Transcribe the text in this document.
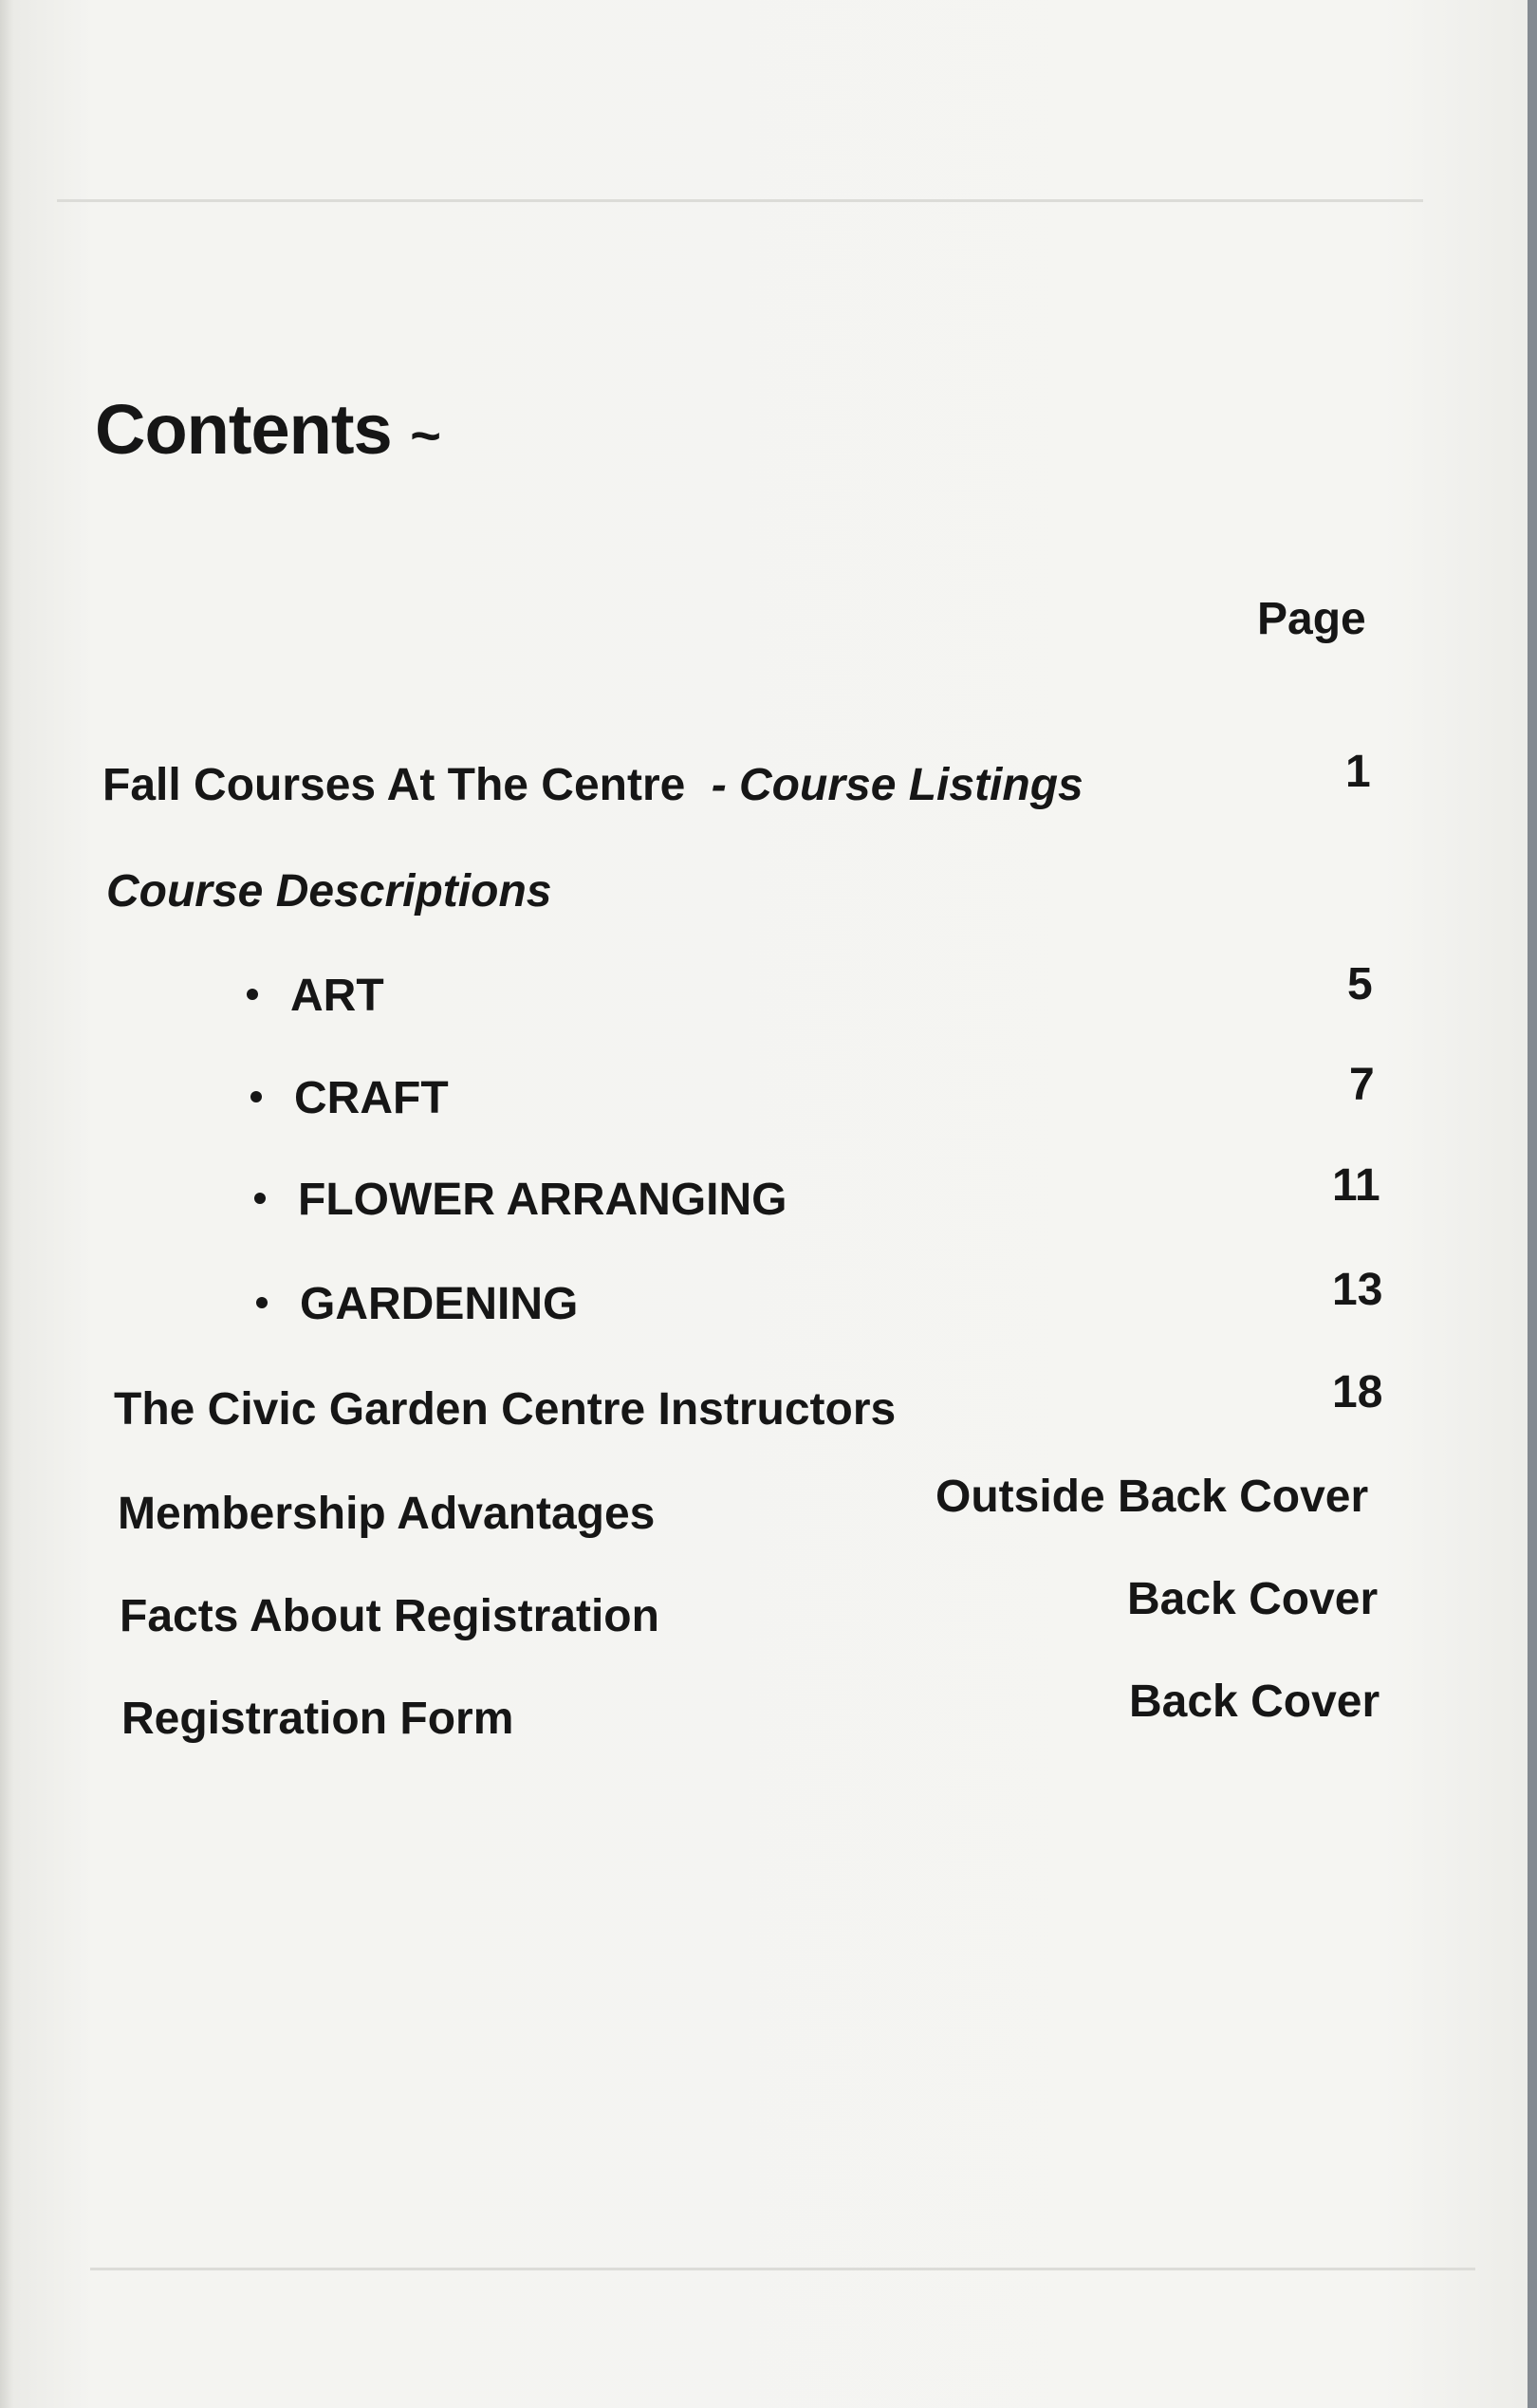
Contents ~
Page
Fall Courses At The Centre - Course Listings	1
Course Descriptions
ART	5
CRAFT	7
FLOWER ARRANGING	11
GARDENING	13
The Civic Garden Centre Instructors	18
Membership Advantages	Outside Back Cover
Facts About Registration	Back Cover
Registration Form	Back Cover
